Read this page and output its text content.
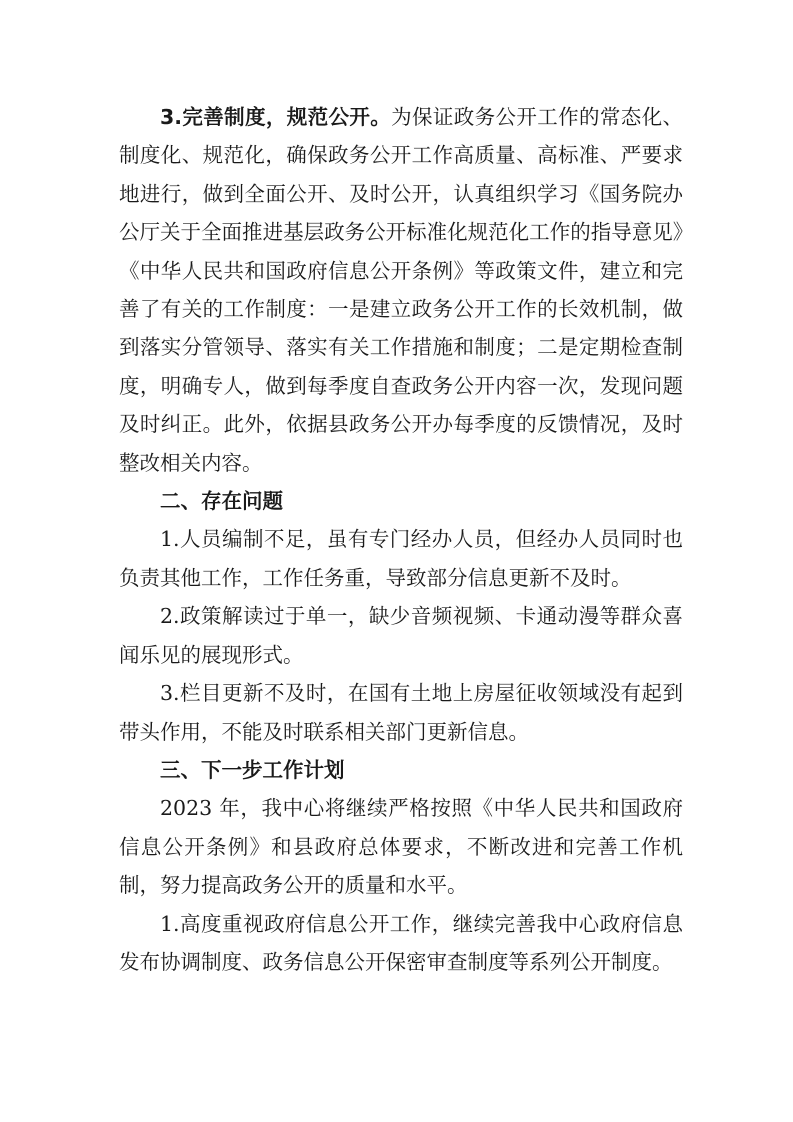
3.完善制度，规范公开。为保证政务公开工作的常态化、制度化、规范化，确保政务公开工作高质量、高标准、严要求地进行，做到全面公开、及时公开，认真组织学习《国务院办公厅关于全面推进基层政务公开标准化规范化工作的指导意见》《中华人民共和国政府信息公开条例》等政策文件，建立和完善了有关的工作制度：一是建立政务公开工作的长效机制，做到落实分管领导、落实有关工作措施和制度；二是定期检查制度，明确专人，做到每季度自查政务公开内容一次，发现问题及时纠正。此外，依据县政务公开办每季度的反馈情况，及时整改相关内容。

二、存在问题

1.人员编制不足，虽有专门经办人员，但经办人员同时也负责其他工作，工作任务重，导致部分信息更新不及时。

2.政策解读过于单一，缺少音频视频、卡通动漫等群众喜闻乐见的展现形式。

3.栏目更新不及时，在国有土地上房屋征收领域没有起到带头作用，不能及时联系相关部门更新信息。

三、下一步工作计划

2023 年，我中心将继续严格按照《中华人民共和国政府信息公开条例》和县政府总体要求，不断改进和完善工作机制，努力提高政务公开的质量和水平。

1.高度重视政府信息公开工作，继续完善我中心政府信息发布协调制度、政务信息公开保密审查制度等系列公开制度。
